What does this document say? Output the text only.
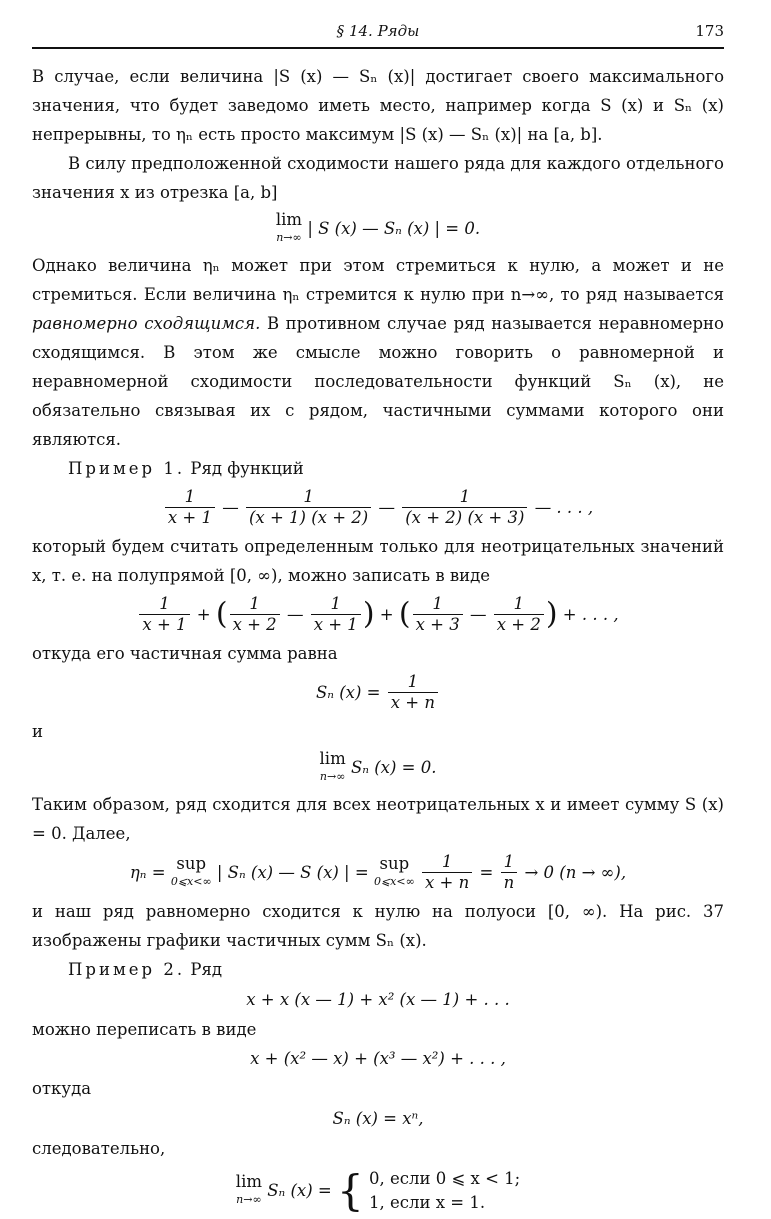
§ 14. Ряды	173

В случае, если величина |S (x) — Sₙ (x)| достигает своего максимального значения, что будет заведомо иметь место, например когда S (x) и Sₙ (x) непрерывны, то ηₙ есть просто максимум |S (x) — Sₙ (x)| на [a, b].

В силу предположенной сходимости нашего ряда для каждого отдельного значения x из отрезка [a, b]

lim
n→∞ | S (x) — Sₙ (x) | = 0.

Однако величина ηₙ может при этом стремиться к нулю, а может и не стремиться. Если величина ηₙ стремится к нулю при n→∞, то ряд называется равномерно сходящимся. В противном случае ряд называется неравномерно сходящимся. В этом же смысле можно говорить о равномерной и неравномерной сходимости последовательности функций Sₙ (x), не обязательно связывая их с рядом, частичными суммами которого они являются.

Пример 1. Ряд функций

$\frac{1}{x + 1}$ — $\frac{1}{(x + 1) (x + 2)}$ — $\frac{1}{(x + 2) (x + 3)}$ — . . . ,

который будем считать определенным только для неотрицательных значений x, т. е. на полупрямой [0, ∞), можно записать в виде

$\frac{1}{x + 1}$ + ( $\frac{1}{x + 2}$ — $\frac{1}{x + 1}$ ) + ( $\frac{1}{x + 3}$ — $\frac{1}{x + 2}$ ) + . . . ,

откуда его частичная сумма равна

Sₙ $(x) = \frac{1}{x + n}$

и

lim
n→∞ Sₙ (x) = 0.

Таким образом, ряд сходится для всех неотрицательных x и имеет сумму S (x) = 0. Далее,

ηₙ = sup
0⩽x<∞ | Sₙ (x) — S (x) | = sup
0⩽x<∞
$\frac{1}{x + n} = \frac{1}{n} \to 0$ (n → ∞),

и наш ряд равномерно сходится к нулю на полуоси [0, ∞). На рис. 37 изображены графики частичных сумм Sₙ (x).

Пример 2. Ряд

x + x (x — 1) + x² (x — 1) + . . .

можно переписать в виде

x + (x² — x) + (x³ — x²) + . . . ,

откуда

Sₙ (x) = xⁿ,

следовательно,

lim
n→∞ Sₙ (x) = { 0, если 0 ⩽ x < 1;
1, если x = 1.
